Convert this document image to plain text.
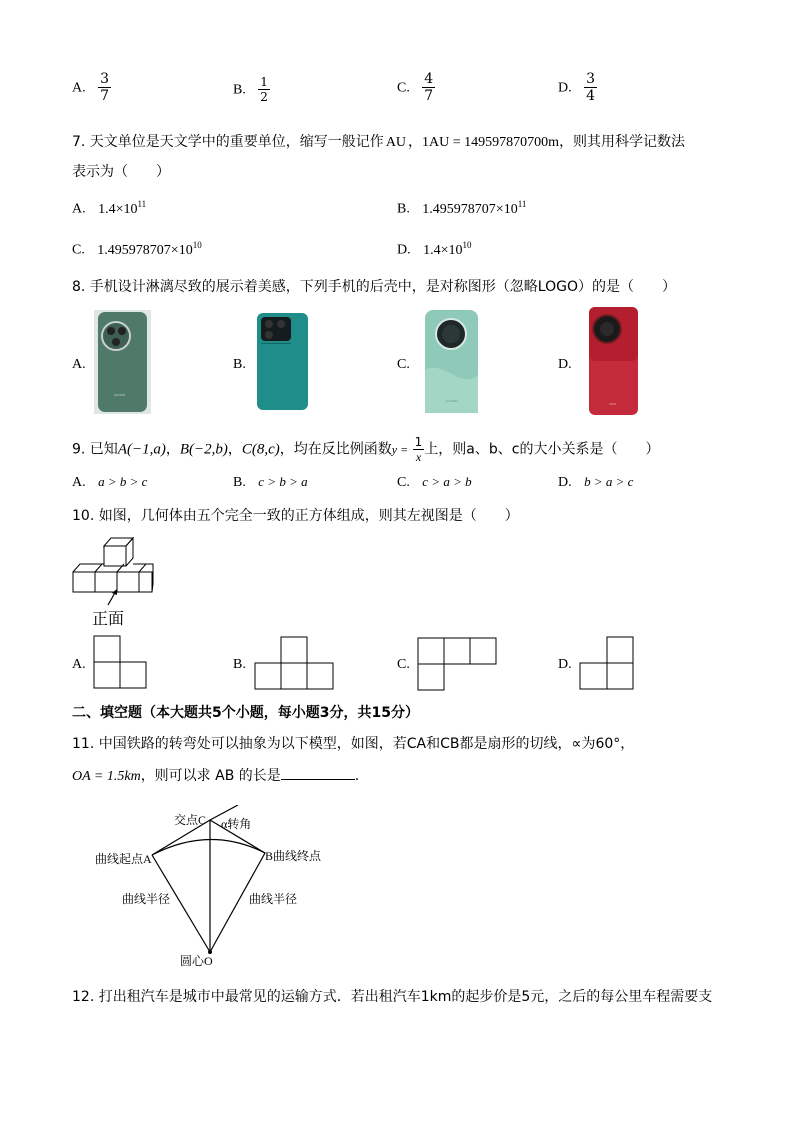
A. $\frac{3}{7}$	B. $\frac{1}{2}$	C. $\frac{4}{7}$	D. $\frac{3}{4}$
7. 天文单位是天文学中的重要单位，缩写一般记作 AU ，1AU = 149597870700m，则其用科学记数法
表示为（　　）
A. $1.4\times 10^{11}$	B. $1.495978707\times 10^{11}$
C. $1.495978707\times 10^{10}$	D. $1.4\times 10^{10}$
8. 手机设计淋漓尽致的展示着美感，下列手机的后壳中，是对称图形（忽略LOGO）的是（　　）
A.	B.	C.	D.
HONOR
HUAWEI	vivo
9. 已知A(−1,a)，B(−2,b)，C(8,c)，均在反比例函数$y = \frac{1}{x}$ 上，则a、b、c的大小关系是（　　）
A. a > b > c	B. c > b > a	C. c > a > b	D. b > a > c
10. 如图，几何体由五个完全一致的正方体组成，则其左视图是（　　）
正面
A.	B.	C.	D.
二、填空题（本大题共5个小题，每小题3分，共15分）
11. 中国铁路的转弯处可以抽象为以下模型，如图，若CA和CB都是扇形的切线，∝为60°，
OA = 1.5km，则可以求 AB 的长是	.
交点C α转角
曲线起点A	B曲线终点
曲线半径	曲线半径
圆心O
12. 打出租汽车是城市中最常见的运输方式．若出租汽车1km的起步价是5元，之后的每公里车程需要支
